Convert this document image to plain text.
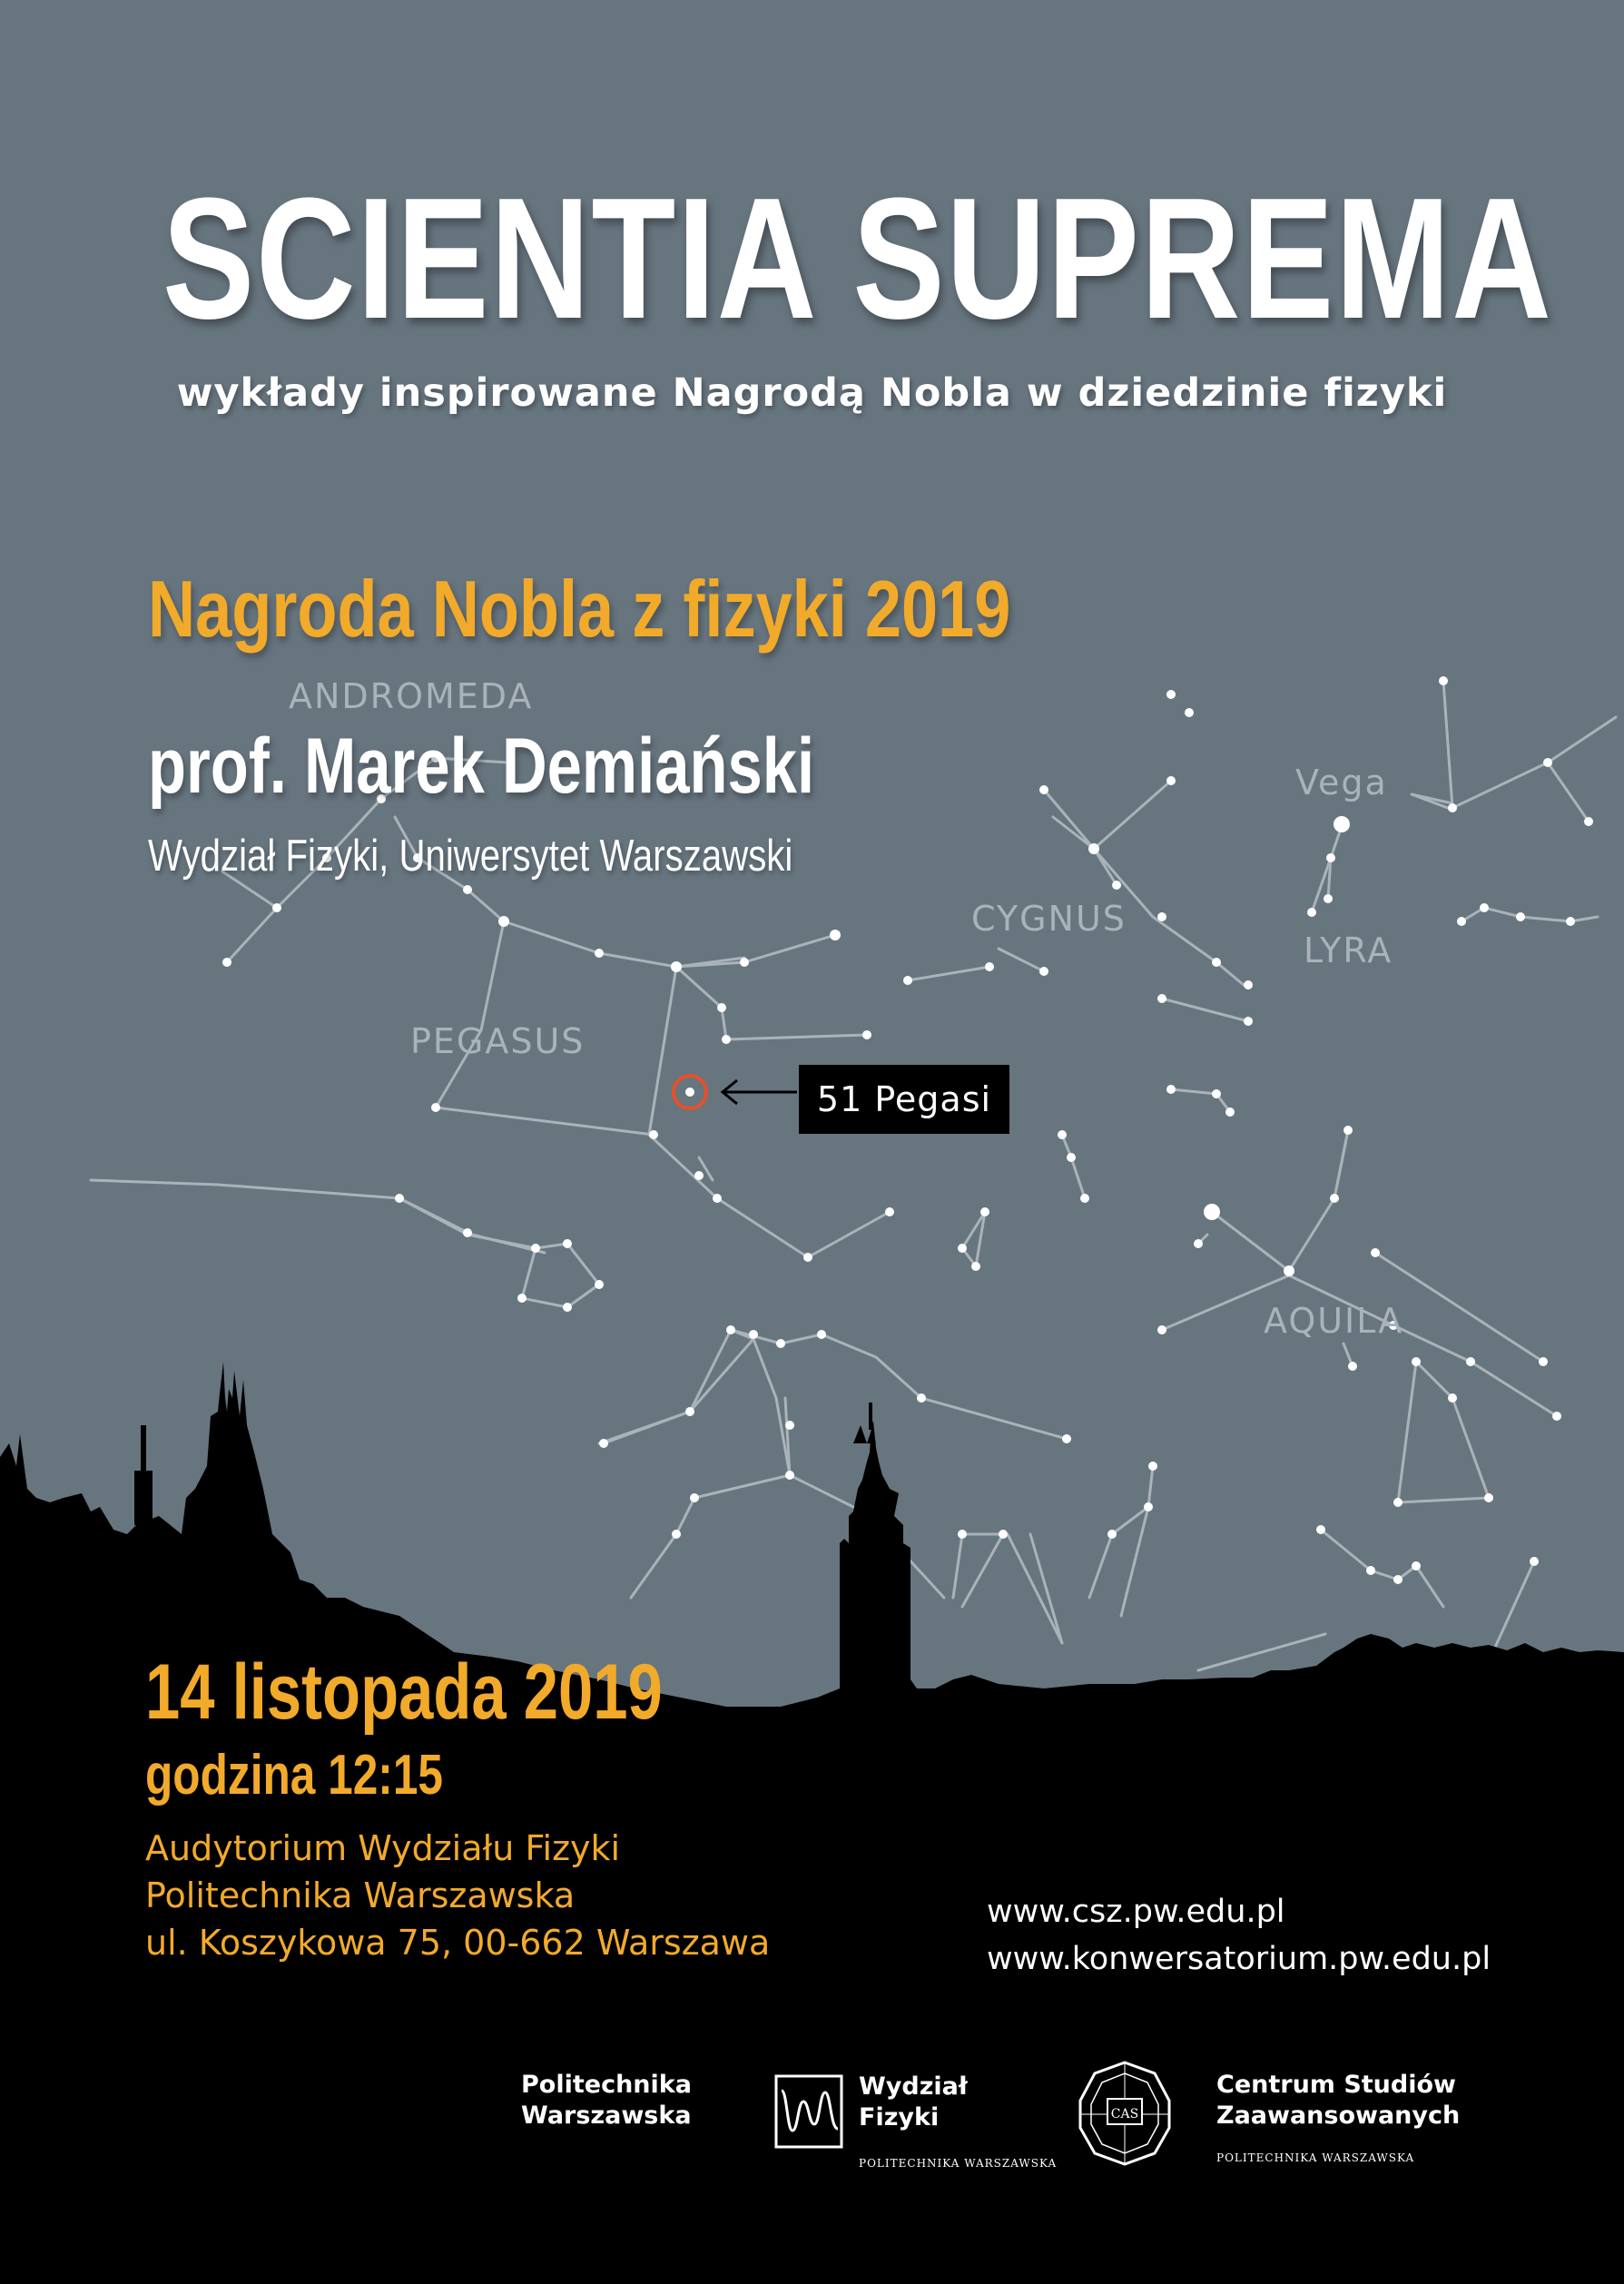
SCIENTIA SUPREMA

wykłady inspirowane Nagrodą Nobla w dziedzinie fizyki

Nagroda Nobla z fizyki 2019

prof. Marek Demiański

Wydział Fizyki, Uniwersytet Warszawski

ANDROMEDA
PEGASUS
CYGNUS
LYRA
AQUILA
Vega
51 Pegasi

14 listopada 2019

godzina 12:15

Audytorium Wydziału Fizyki
Politechnika Warszawska
ul. Koszykowa 75, 00-662 Warszawa
www.csz.pw.edu.pl
www.konwersatorium.pw.edu.pl
Politechnika
Warszawska
Wydział
Fizyki
POLITECHNIKA WARSZAWSKA
CAS
Centrum Studiów
Zaawansowanych
POLITECHNIKA WARSZAWSKA
